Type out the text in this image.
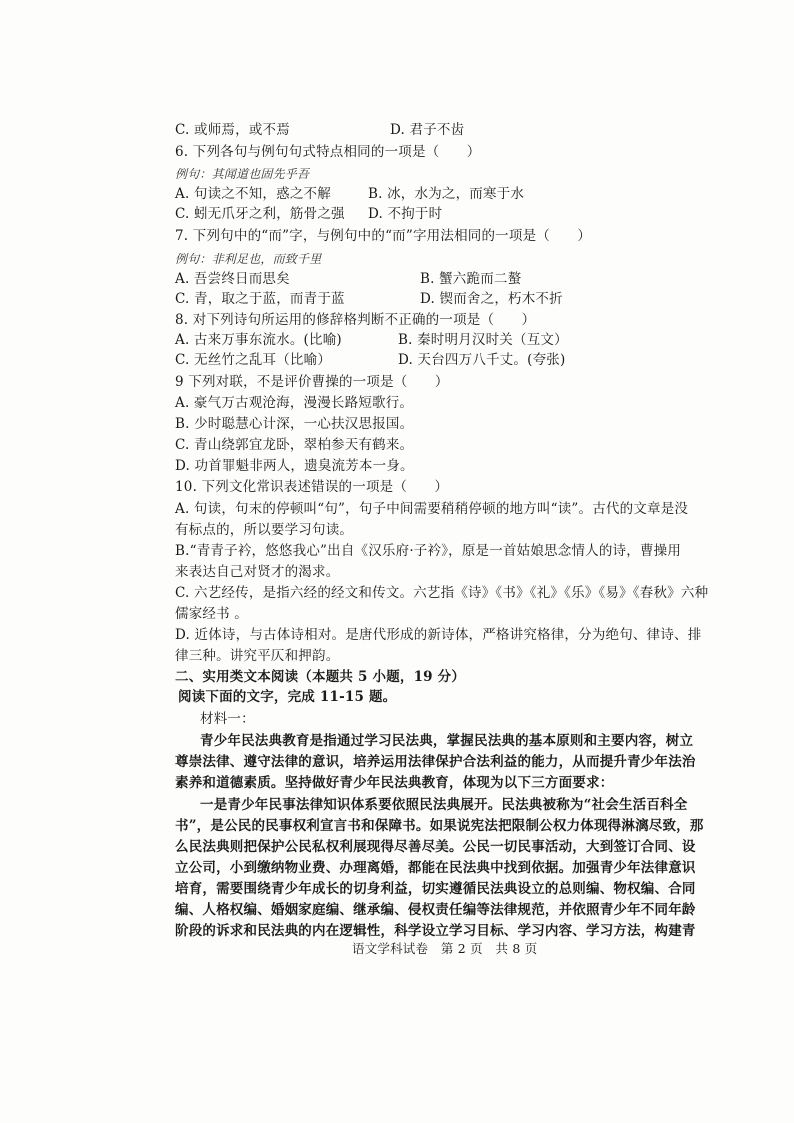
C. 或师焉，或不焉	D. 君子不齿
6. 下列各句与例句句式特点相同的一项是（　　）
例句：其闻道也固先乎吾
A. 句读之不知，惑之不解	B. 冰，水为之，而寒于水
C. 蚓无爪牙之利，筋骨之强 D. 不拘于时
7. 下列句中的“而”字，与例句中的“而”字用法相同的一项是（　　）
例句：非利足也，而致千里
A. 吾尝终日而思矣	B. 蟹六跪而二螯
C. 青，取之于蓝，而青于蓝	D. 锲而舍之，朽木不折
8. 对下列诗句所运用的修辞格判断不正确的一项是（　　）
A. 古来万事东流水。(比喻)	B. 秦时明月汉时关（互文）
C. 无丝竹之乱耳（比喻）	D. 天台四万八千丈。(夸张)
9 下列对联，不是评价曹操的一项是（　　）
A. 豪气万古观沧海，漫漫长路短歌行。
B. 少时聪慧心计深，一心扶汉思报国。
C. 青山绕郭宜龙卧，翠柏参天有鹤来。
D. 功首罪魁非两人，遗臭流芳本一身。
10. 下列文化常识表述错误的一项是（　　）
A. 句读，句末的停顿叫“句”，句子中间需要稍稍停顿的地方叫“读”。古代的文章是没
有标点的，所以要学习句读。
B.“青青子衿，悠悠我心”出自《汉乐府·子衿》，原是一首姑娘思念情人的诗，曹操用
来表达自己对贤才的渴求。
C. 六艺经传，是指六经的经文和传文。六艺指《诗》《书》《礼》《乐》《易》《春秋》六种
儒家经书 。
D. 近体诗，与古体诗相对。是唐代形成的新诗体，严格讲究格律，分为绝句、律诗、排
律三种。讲究平仄和押韵。
二、实用类文本阅读（本题共 5 小题，19 分）
阅读下面的文字，完成 11-15 题。
材料一：
青少年民法典教育是指通过学习民法典，掌握民法典的基本原则和主要内容，树立
尊崇法律、遵守法律的意识，培养运用法律保护合法利益的能力，从而提升青少年法治
素养和道德素质。坚持做好青少年民法典教育，体现为以下三方面要求：
一是青少年民事法律知识体系要依照民法典展开。民法典被称为“社会生活百科全
书”，是公民的民事权利宣言书和保障书。如果说宪法把限制公权力体现得淋漓尽致，那
么民法典则把保护公民私权利展现得尽善尽美。公民一切民事活动，大到签订合同、设
立公司，小到缴纳物业费、办理离婚，都能在民法典中找到依据。加强青少年法律意识
培育，需要围绕青少年成长的切身利益，切实遵循民法典设立的总则编、物权编、合同
编、人格权编、婚姻家庭编、继承编、侵权责任编等法律规范，并依照青少年不同年龄
阶段的诉求和民法典的内在逻辑性，科学设立学习目标、学习内容、学习方法，构建青
语文学科试卷　第 2 页　共 8 页
